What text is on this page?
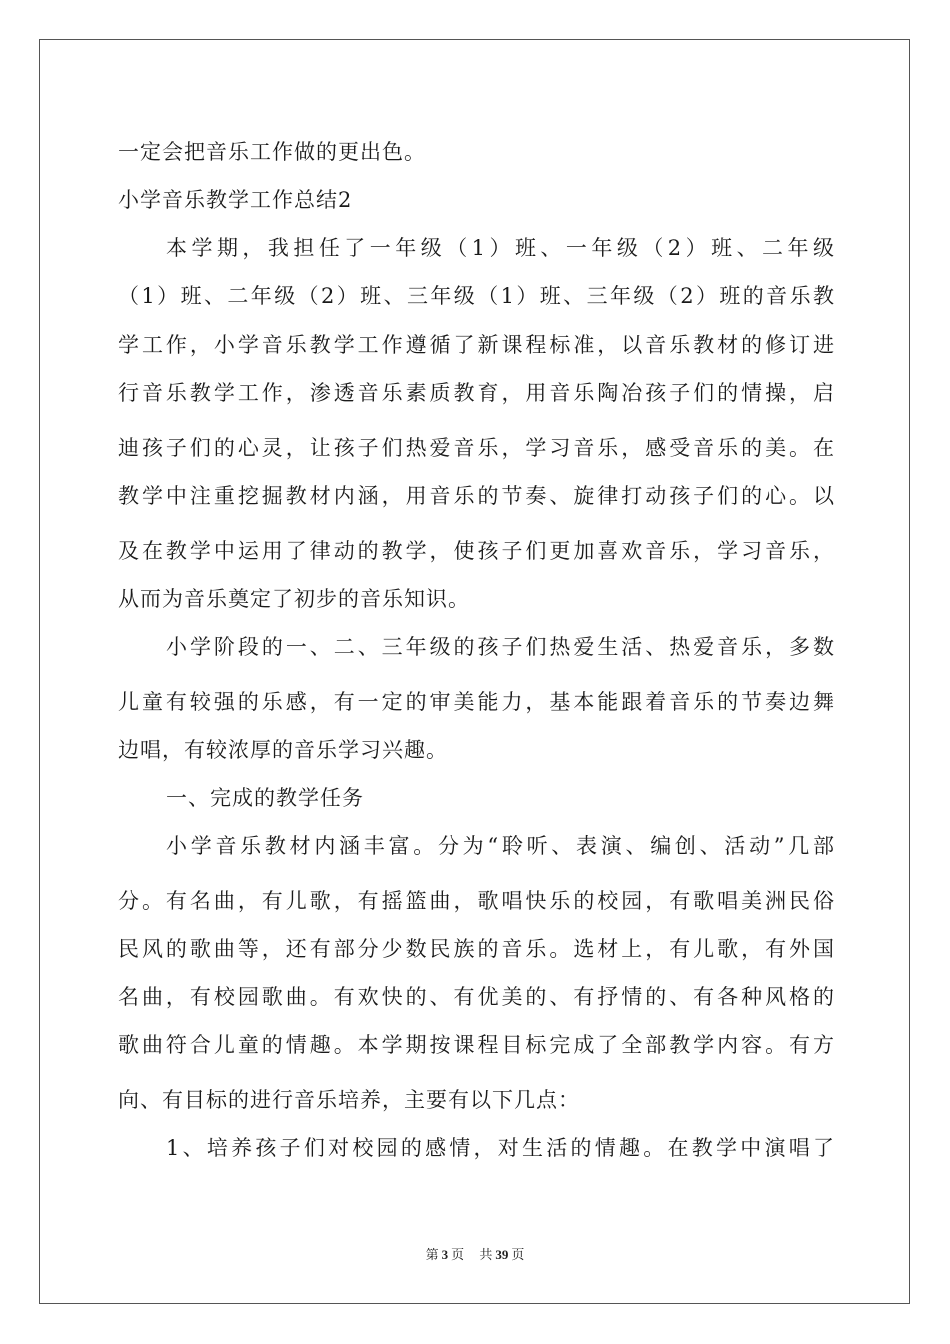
一定会把音乐工作做的更出色。
小学音乐教学工作总结2
本学期，我担任了一年级（1）班、一年级（2）班、二年级
（1）班、二年级（2）班、三年级（1）班、三年级（2）班的音乐教
学工作，小学音乐教学工作遵循了新课程标准，以音乐教材的修订进
行音乐教学工作，渗透音乐素质教育，用音乐陶冶孩子们的情操，启
迪孩子们的心灵，让孩子们热爱音乐，学习音乐，感受音乐的美。在
教学中注重挖掘教材内涵，用音乐的节奏、旋律打动孩子们的心。以
及在教学中运用了律动的教学，使孩子们更加喜欢音乐，学习音乐，
从而为音乐奠定了初步的音乐知识。
小学阶段的一、二、三年级的孩子们热爱生活、热爱音乐，多数
儿童有较强的乐感，有一定的审美能力，基本能跟着音乐的节奏边舞
边唱，有较浓厚的音乐学习兴趣。
一、完成的教学任务
小学音乐教材内涵丰富。分为“聆听、表演、编创、活动”几部
分。有名曲，有儿歌，有摇篮曲，歌唱快乐的校园，有歌唱美洲民俗
民风的歌曲等，还有部分少数民族的音乐。选材上，有儿歌，有外国
名曲，有校园歌曲。有欢快的、有优美的、有抒情的、有各种风格的
歌曲符合儿童的情趣。本学期按课程目标完成了全部教学内容。有方
向、有目标的进行音乐培养，主要有以下几点：
1、培养孩子们对校园的感情，对生活的情趣。在教学中演唱了
第 3 页 共 39 页
